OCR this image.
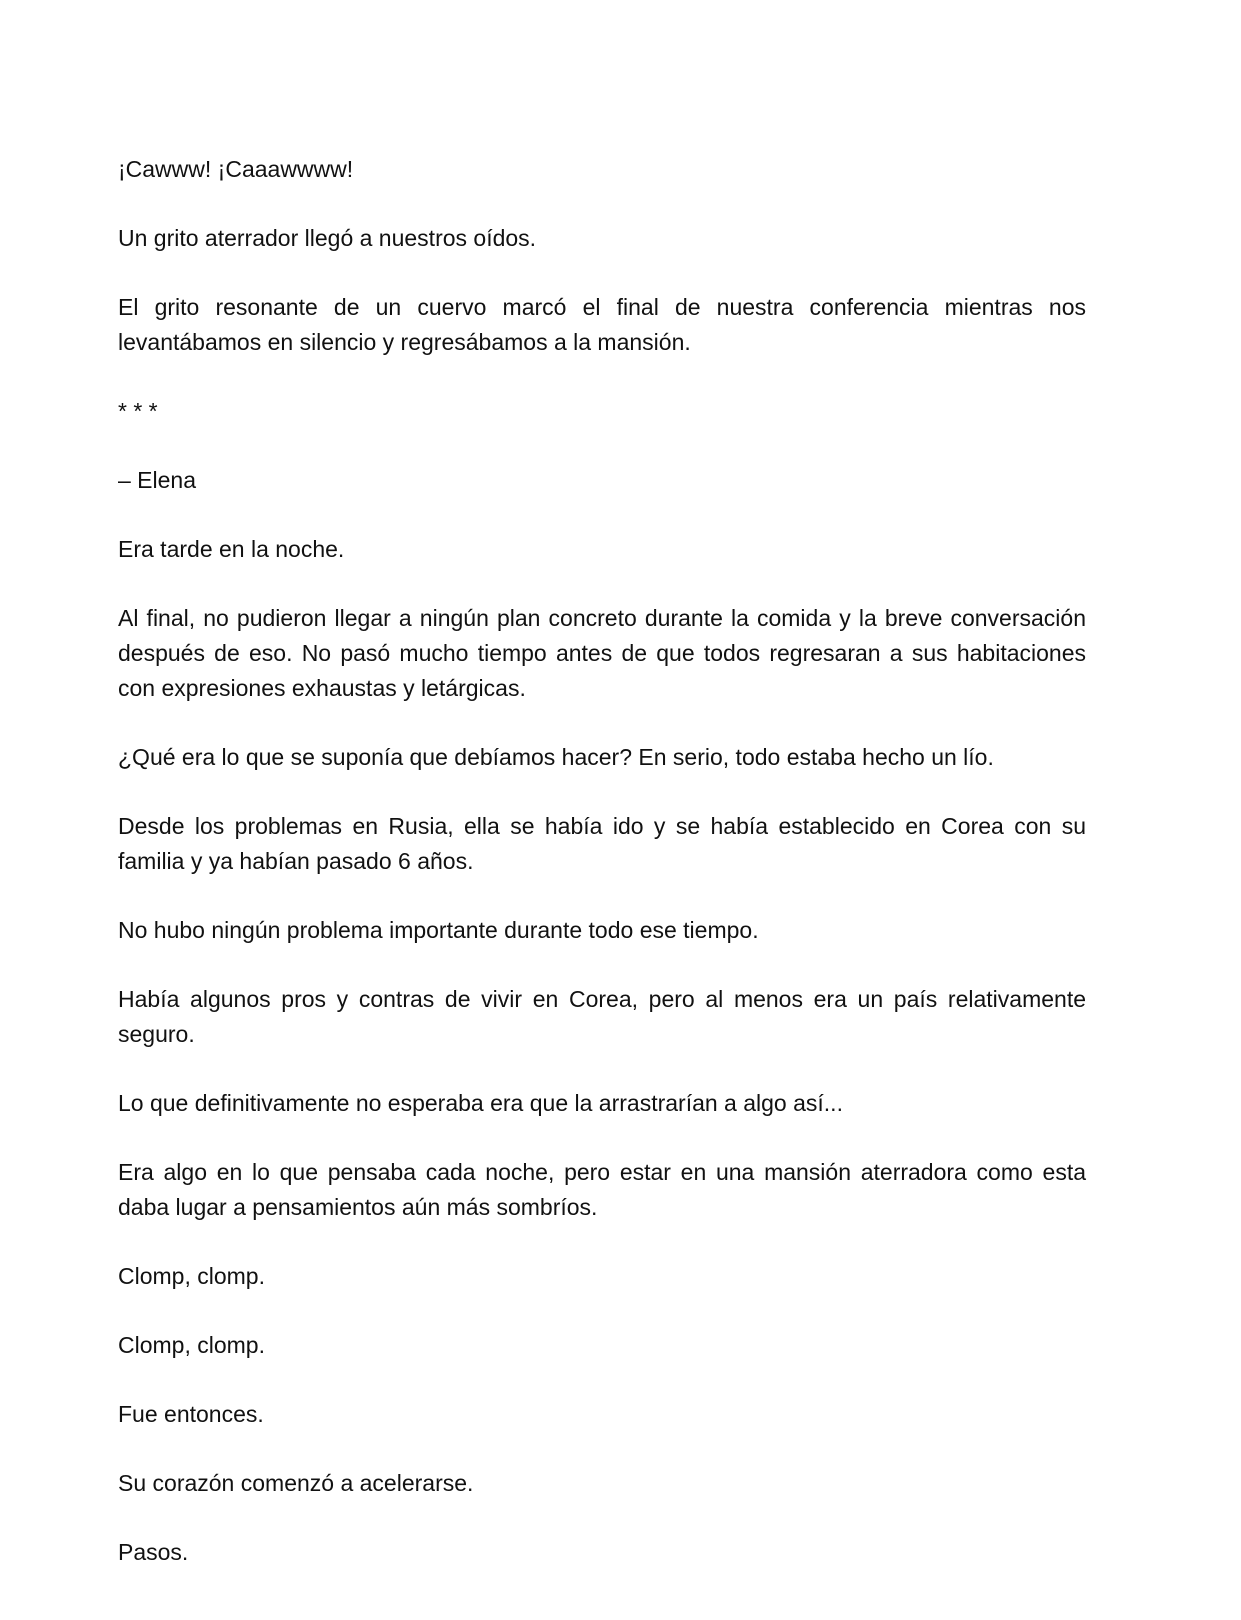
¡Cawww! ¡Caaawwww!

Un grito aterrador llegó a nuestros oídos.

El grito resonante de un cuervo marcó el final de nuestra conferencia mientras nos levantábamos en silencio y regresábamos a la mansión.

* * *

– Elena

Era tarde en la noche.

Al final, no pudieron llegar a ningún plan concreto durante la comida y la breve conversación después de eso. No pasó mucho tiempo antes de que todos regresaran a sus habitaciones con expresiones exhaustas y letárgicas.

¿Qué era lo que se suponía que debíamos hacer? En serio, todo estaba hecho un lío.

Desde los problemas en Rusia, ella se había ido y se había establecido en Corea con su familia y ya habían pasado 6 años.

No hubo ningún problema importante durante todo ese tiempo.

Había algunos pros y contras de vivir en Corea, pero al menos era un país relativamente seguro.

Lo que definitivamente no esperaba era que la arrastrarían a algo así...

Era algo en lo que pensaba cada noche, pero estar en una mansión aterradora como esta daba lugar a pensamientos aún más sombríos.

Clomp, clomp.

Clomp, clomp.

Fue entonces.

Su corazón comenzó a acelerarse.

Pasos.
